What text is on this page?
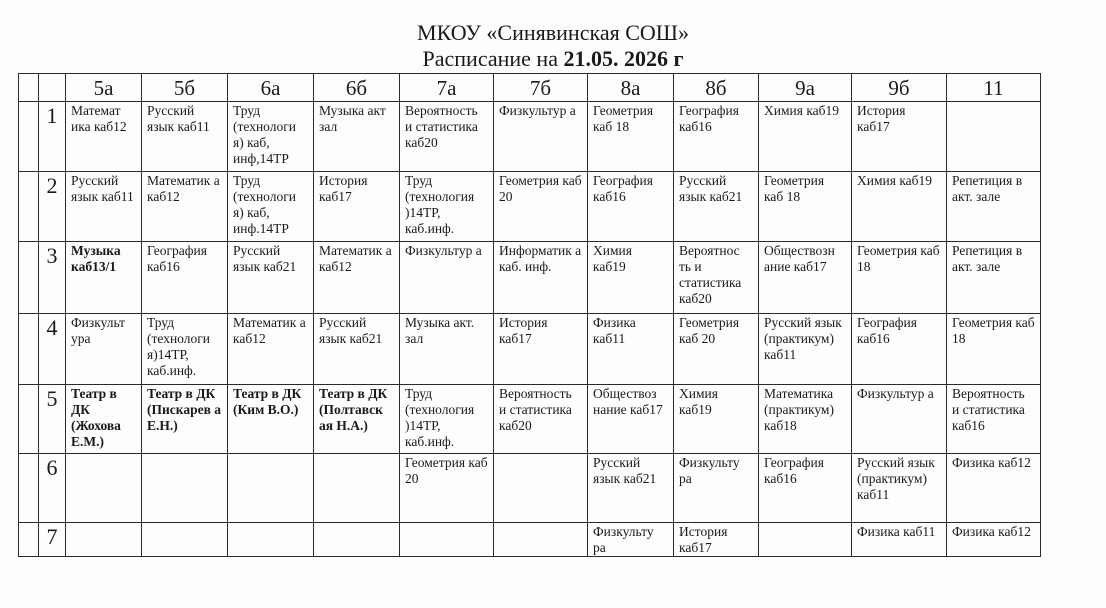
МКОУ «Синявинская СОШ»
Расписание на 21.05. 2026 г
		5а	5б	6а	6б	7а	7б	8а	8б	9а	9б	11
	1	Математ ика каб12	Русский язык каб11	Труд (технологи я) каб, инф,14ТР	Музыка акт зал	Вероятность и статистика каб20	Физкультур а	Геометрия каб 18	География каб16	Химия каб19	История каб17	
	2	Русский язык каб11	Математик а каб12	Труд (технологи я) каб, инф.14ТР	История каб17	Труд (технология )14ТР, каб.инф.	Геометрия каб 20	География каб16	Русский язык каб21	Геометрия каб 18	Химия каб19	Репетиция в акт. зале
	3	Музыка каб13/1	География каб16	Русский язык каб21	Математик а каб12	Физкультур а	Информатик а каб. инф.	Химия каб19	Вероятнос ть и статистика каб20	Обществозн ание каб17	Геометрия каб 18	Репетиция в акт. зале
	4	Физкульт ура	Труд (технологи я)14ТР, каб.инф.	Математик а каб12	Русский язык каб21	Музыка акт. зал	История каб17	Физика каб11	Геометрия каб 20	Русский язык (практикум) каб11	География каб16	Геометрия каб 18
	5	Театр в ДК (Жохова Е.М.)	Театр в ДК (Пискарев а Е.Н.)	Театр в ДК (Ким В.О.)	Театр в ДК (Полтавск ая Н.А.)	Труд (технология )14ТР, каб.инф.	Вероятность и статистика каб20	Обществоз нание каб17	Химия каб19	Математика (практикум) каб18	Физкультур а	Вероятность и статистика каб16
	6					Геометрия каб 20		Русский язык каб21	Физкульту ра	География каб16	Русский язык (практикум) каб11	Физика каб12
	7							Физкульту ра	История каб17		Физика каб11	Физика каб12
